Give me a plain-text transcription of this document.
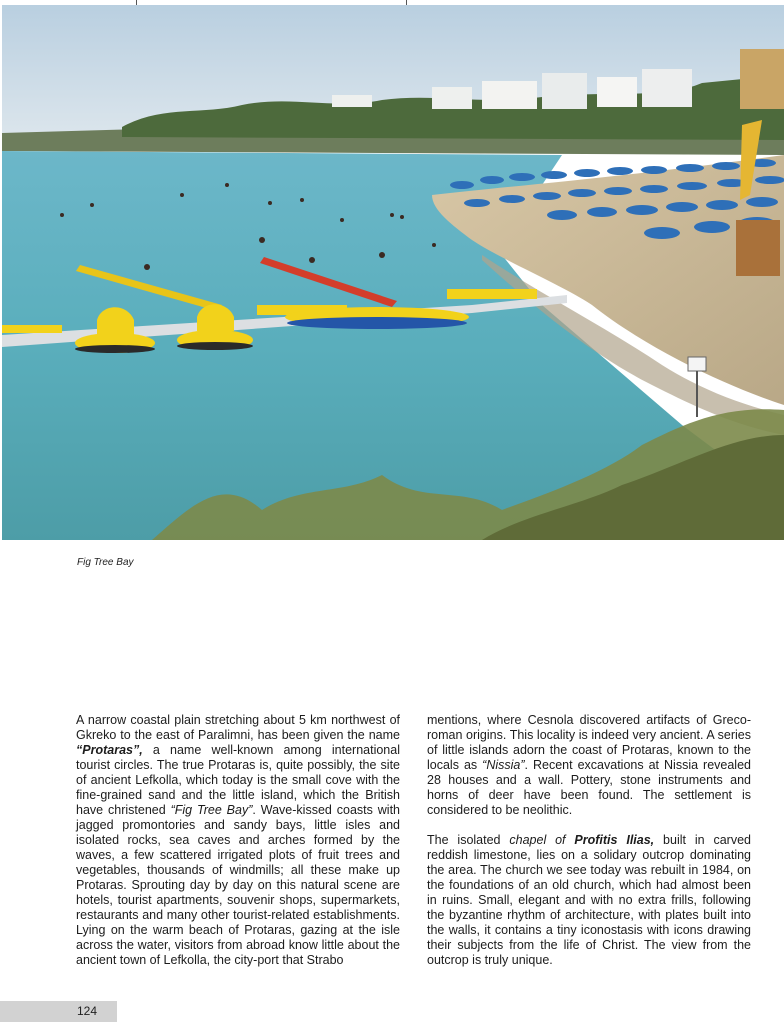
Fig Tree Bay

A narrow coastal plain stretching about 5 km northwest of Gkreko to the east of Paralimni, has been given the name “Protaras”, a name well-known among international tourist circles. The true Protaras is, quite possibly, the site of ancient Lefkolla, which today is the small cove with the fine-grained sand and the little island, which the British have christened “Fig Tree Bay”. Wave-kissed coasts with jagged promontories and sandy bays, little isles and isolated rocks, sea caves and arches formed by the waves, a few scattered irrigated plots of fruit trees and vegetables, thousands of windmills; all these make up Protaras. Sprouting day by day on this natural scene are hotels, tourist apartments, souvenir shops, supermarkets, restaurants and many other tourist-related establishments. Lying on the warm beach of Protaras, gazing at the isle across the water, visitors from abroad know little about the ancient town of Lefkolla, the city-port that Strabo

mentions, where Cesnola discovered artifacts of Greco-roman origins. This locality is indeed very ancient. A series of little islands adorn the coast of Protaras, known to the locals as “Nissia”. Recent excavations at Nissia revealed 28 houses and a wall. Pottery, stone instruments and horns of deer have been found. The settlement is considered to be neolithic.

The isolated chapel of Profitis Ilias, built in carved reddish limestone, lies on a solidary outcrop dominating the area. The church we see today was rebuilt in 1984, on the foundations of an old church, which had almost been in ruins. Small, elegant and with no extra frills, following the byzantine rhythm of architecture, with plates built into the walls, it contains a tiny iconostasis with icons drawing their subjects from the life of Christ. The view from the outcrop is truly unique.

124
